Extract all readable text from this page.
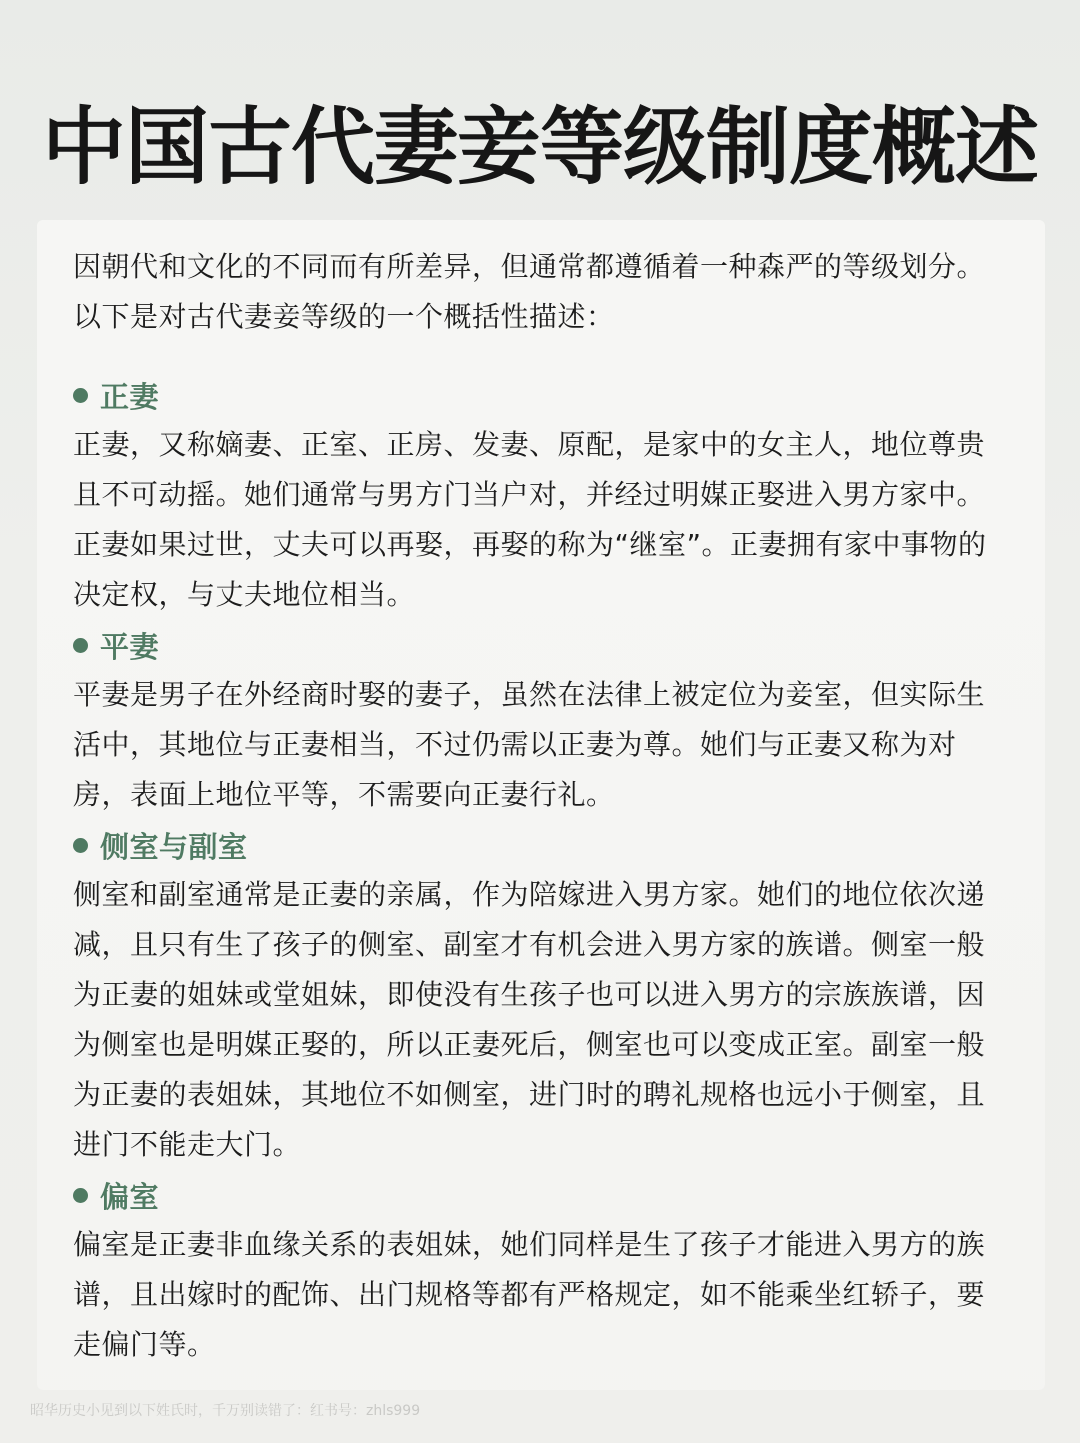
中国古代妻妾等级制度概述

因朝代和文化的不同而有所差异，但通常都遵循着一种森严的等级划分。以下是对古代妻妾等级的一个概括性描述：

正妻

正妻，又称嫡妻、正室、正房、发妻、原配，是家中的女主人，地位尊贵且不可动摇。她们通常与男方门当户对，并经过明媒正娶进入男方家中。正妻如果过世，丈夫可以再娶，再娶的称为“继室”。正妻拥有家中事物的决定权，与丈夫地位相当。

平妻

平妻是男子在外经商时娶的妻子，虽然在法律上被定位为妾室，但实际生活中，其地位与正妻相当，不过仍需以正妻为尊。她们与正妻又称为对房，表面上地位平等，不需要向正妻行礼。

侧室与副室

侧室和副室通常是正妻的亲属，作为陪嫁进入男方家。她们的地位依次递减，且只有生了孩子的侧室、副室才有机会进入男方家的族谱。侧室一般为正妻的姐妹或堂姐妹，即使没有生孩子也可以进入男方的宗族族谱，因为侧室也是明媒正娶的，所以正妻死后，侧室也可以变成正室。副室一般为正妻的表姐妹，其地位不如侧室，进门时的聘礼规格也远小于侧室，且进门不能走大门。

偏室

偏室是正妻非血缘关系的表姐妹，她们同样是生了孩子才能进入男方的族谱，且出嫁时的配饰、出门规格等都有严格规定，如不能乘坐红轿子，要走偏门等。

昭华历史小见到以下姓氏时，千万别读错了：红书号：zhls999
